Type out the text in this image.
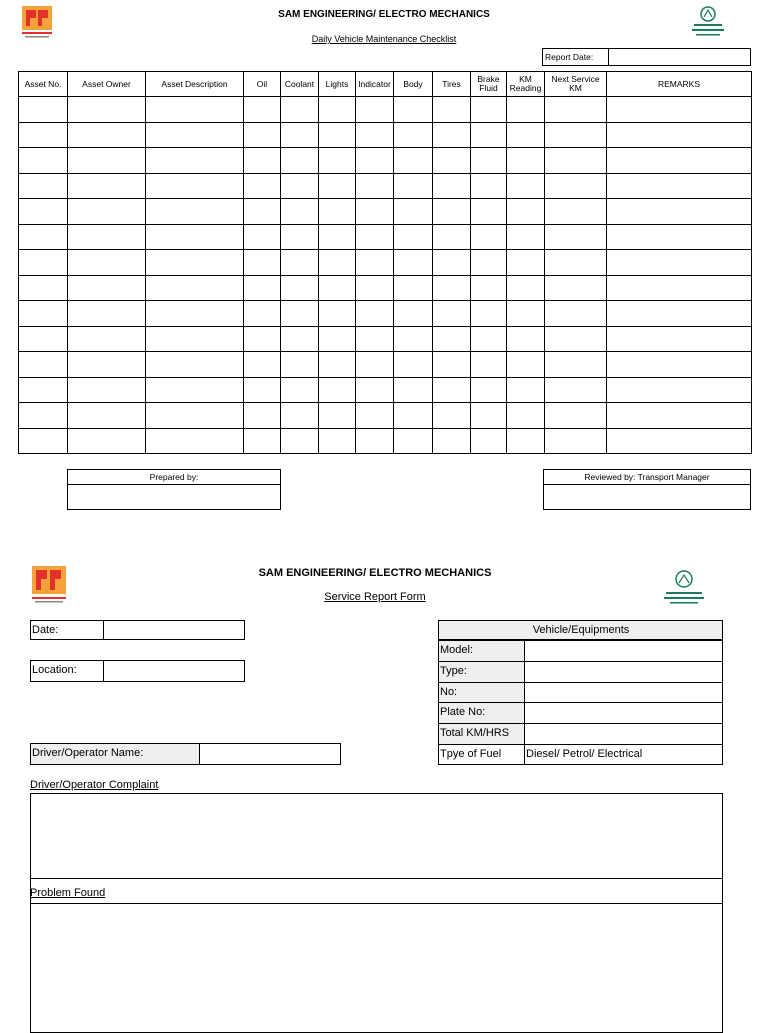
SAM ENGINEERING/ ELECTRO MECHANICS
Daily Vehicle Maintenance Checklist
Report Date:	
Asset No.	Asset Owner	Asset Description	Oil	Coolant	Lights	Indicator	Body	Tires	Brake Fluid	KM Reading	Next Service KM	REMARKS

Prepared by:	Reviewed by: Transport Manager
SAM ENGINEERING/ ELECTRO MECHANICS
Service Report Form
Date:
Location:
Driver/Operator Name:
Vehicle/Equipments
Model:
Type:
No:
Plate No:
Total KM/HRS
Tpye of Fuel	Diesel/ Petrol/ Electrical
Driver/Operator Complaint
Problem Found
